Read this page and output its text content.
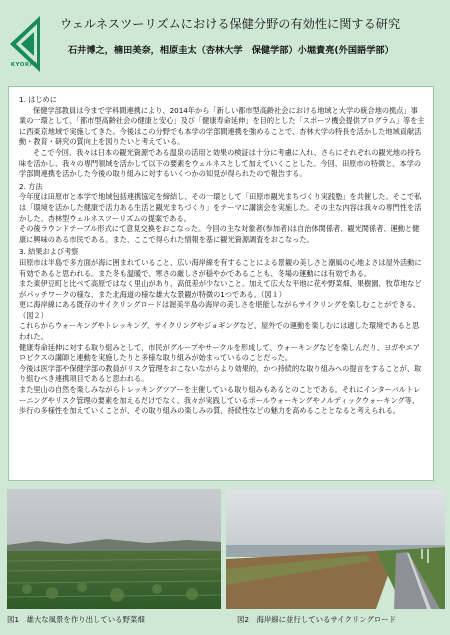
KYORIN
ウェルネスツーリズムにおける保健分野の有効性に関する研究
石井博之，楠田美奈，相原圭太（杏林大学　保健学部）小堀貴亮(外国語学部）
1. はじめに

保健学部教員は今まで学科間連携により、2014年から「新しい都市型高齢社会における地域と大学の統合地の拠点」事業の一環として、「都市型高齢社会の健康と安心」及び「健康寿命延伸」を目的とした「スポーツ機会提供プログラム」等を主に西東京地域で実施してきた。今後はこの分野でも本学の学部間連携を強めることで、杏林大学の特長を活かした地域貢献活動・教育・研究の質向上を図りたいと考えている。

そこで今回、我々は日本の観光資源である温泉の活用と効果の検証は十分に考慮に入れ、さらにそれぞれの観光地の持ち味を活かし、我々の専門領域を活かして以下の要素をウェルネスとして加えていくことした。今回、田原市の特徴と、本学の学部間連携を活かした今後の取り組みに対するいくつかの知見が得られたので報告する。

2. 方法

今年度は田原市と本学で地域包括連携協定を締結し、その一環として「田原市観光まちづくり実践塾」を共催した。そこで私は「環境を活かした健康で活力ある生活と観光まちづくり」をテーマに講演会を実施した。その主な内容は我々の専門性を活かした、杏林型ウェルネスツーリズムの提案である。

その後ラウンドテーブル形式にて意見交換をおこなった。今回の主な対象者(参加者)は自治体関係者、観光関係者、運動と健康に興味のある市民である。また、ここで得られた情報を基に観光資源調査をおこなった。

3. 結果および考察

田原市は半島で多方面が海に囲まれていること、広い海岸線を有することによる景観の美しさと潮風の心地よさは屋外活動に有効であると思われる。また冬も温暖で、寒さの厳しさが穏やかであることも、冬場の運動には有効である。

また東伊豆町と比べて高原ではなく里山があり、高低差が少ないこと。加えて広大な平地に花や野菜畑、果樹園、牧草地などがパッチワークの様な、また北海道の様な雄大な景観が特徴の1つである。（図１）

更に海岸線にある既存のサイクリングロードは渥美半島の海岸の美しさを堪能しながらサイクリングを楽しむことができる。（図２）

これらからウォーキングやトレッキング、サイクリングやジョギングなど、屋外での運動を楽しむには適した環境であると思われた。

健康寿命延伸に対する取り組みとして、市民がグループやサークルを形成して、ウォーキングなどを楽しんだり、ヨガやエアロビクスの講師と連動を実施したりと多様な取り組みが始まっているのことだった。

今後は医学部や保健学部の教員がリスク管理をおこないながらより効果的、かつ持続的な取り組みへの提言をすることが、取り組むべき連携項目であると思われる。

また里山の自然を楽しみながらトレッキングツアーを主催している取り組みもあるとのことである。それにインターバルトレーニングやリスク管理の要素を加えるだけでなく、我々が実践しているポールウォーキングやノルディックウォーキング等、歩行の多様性を加えていくことが、その取り組みの楽しみの質、持続性などの魅力を高めることとなると考えられる。

図1　雄大な風景を作り出している野菜畑	図2　海岸線に並行しているサイクリングロード
